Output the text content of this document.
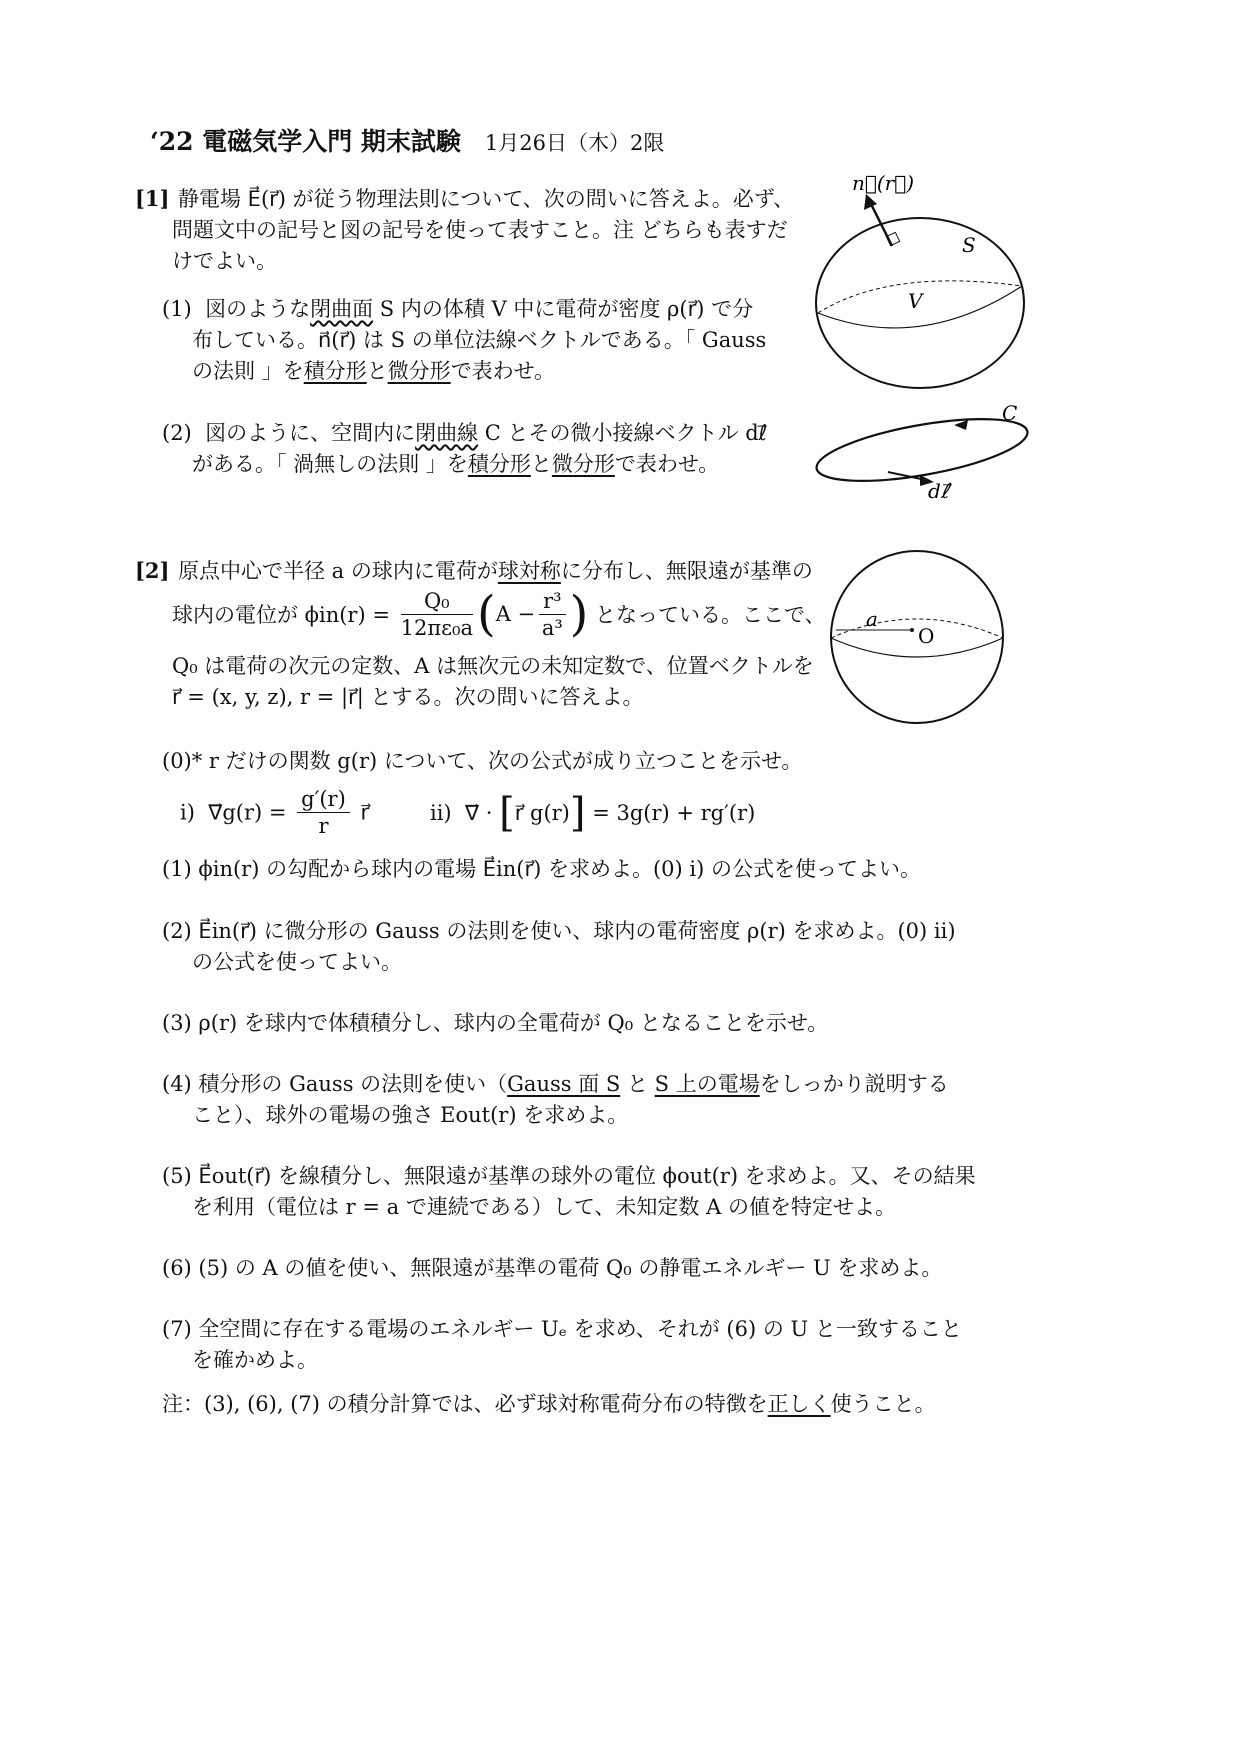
‘22 電磁気学入門 期末試験 1月26日（木）2限
[1] 静電場 E⃗(r⃗) が従う物理法則について、次の問いに答えよ。必ず、
問題文中の記号と図の記号を使って表すこと。注 どちらも表すだ
けでよい。
(1) 図のような閉曲面 S 内の体積 V 中に電荷が密度 ρ(r⃗) で分
布している。n⃗(r⃗) は S の単位法線ベクトルである。「 Gauss
の法則 」を積分形と微分形で表わせ。
(2) 図のように、空間内に閉曲線 C とその微小接線ベクトル dℓ⃗
がある。「 渦無しの法則 」を積分形と微分形で表わせ。
n⃗(r⃗)
S
V
C
dℓ⃗
[2] 原点中心で半径 a の球内に電荷が球対称に分布し、無限遠が基準の
球内の電位が $\phi in(r) = \frac{\text{Q₀}}{\text{12πε₀a}} (A - \frac{\text{r³}}{\text{a³}}$ ) となっている。ここで、
Q₀ は電荷の次元の定数、A は無次元の未知定数で、位置ベクトルを
r⃗ = (x, y, z), r = |r⃗| とする。次の問いに答えよ。
a
O
(0)* r だけの関数 g(r) について、次の公式が成り立つことを示せ。
i) ∇⃗g(r) = $\frac{g'(r)}{r}$ r⃗	ii) ∇⃗ · [r⃗ g(r)] = 3g(r) + rg′(r)
(1) ϕin(r) の勾配から球内の電場 E⃗in(r⃗) を求めよ。(0) i) の公式を使ってよい。
(2) E⃗in(r⃗) に微分形の Gauss の法則を使い、球内の電荷密度 ρ(r) を求めよ。(0) ii)
の公式を使ってよい。
(3) ρ(r) を球内で体積積分し、球内の全電荷が Q₀ となることを示せ。
(4) 積分形の Gauss の法則を使い（Gauss 面 S と S 上の電場をしっかり説明する
こと）、球外の電場の強さ Eout(r) を求めよ。
(5) E⃗out(r⃗) を線積分し、無限遠が基準の球外の電位 ϕout(r) を求めよ。又、その結果
を利用（電位は r = a で連続である）して、未知定数 A の値を特定せよ。
(6) (5) の A の値を使い、無限遠が基準の電荷 Q₀ の静電エネルギー U を求めよ。
(7) 全空間に存在する電場のエネルギー Uₑ を求め、それが (6) の U と一致すること
を確かめよ。
注：(3), (6), (7) の積分計算では、必ず球対称電荷分布の特徴を正しく使うこと。
